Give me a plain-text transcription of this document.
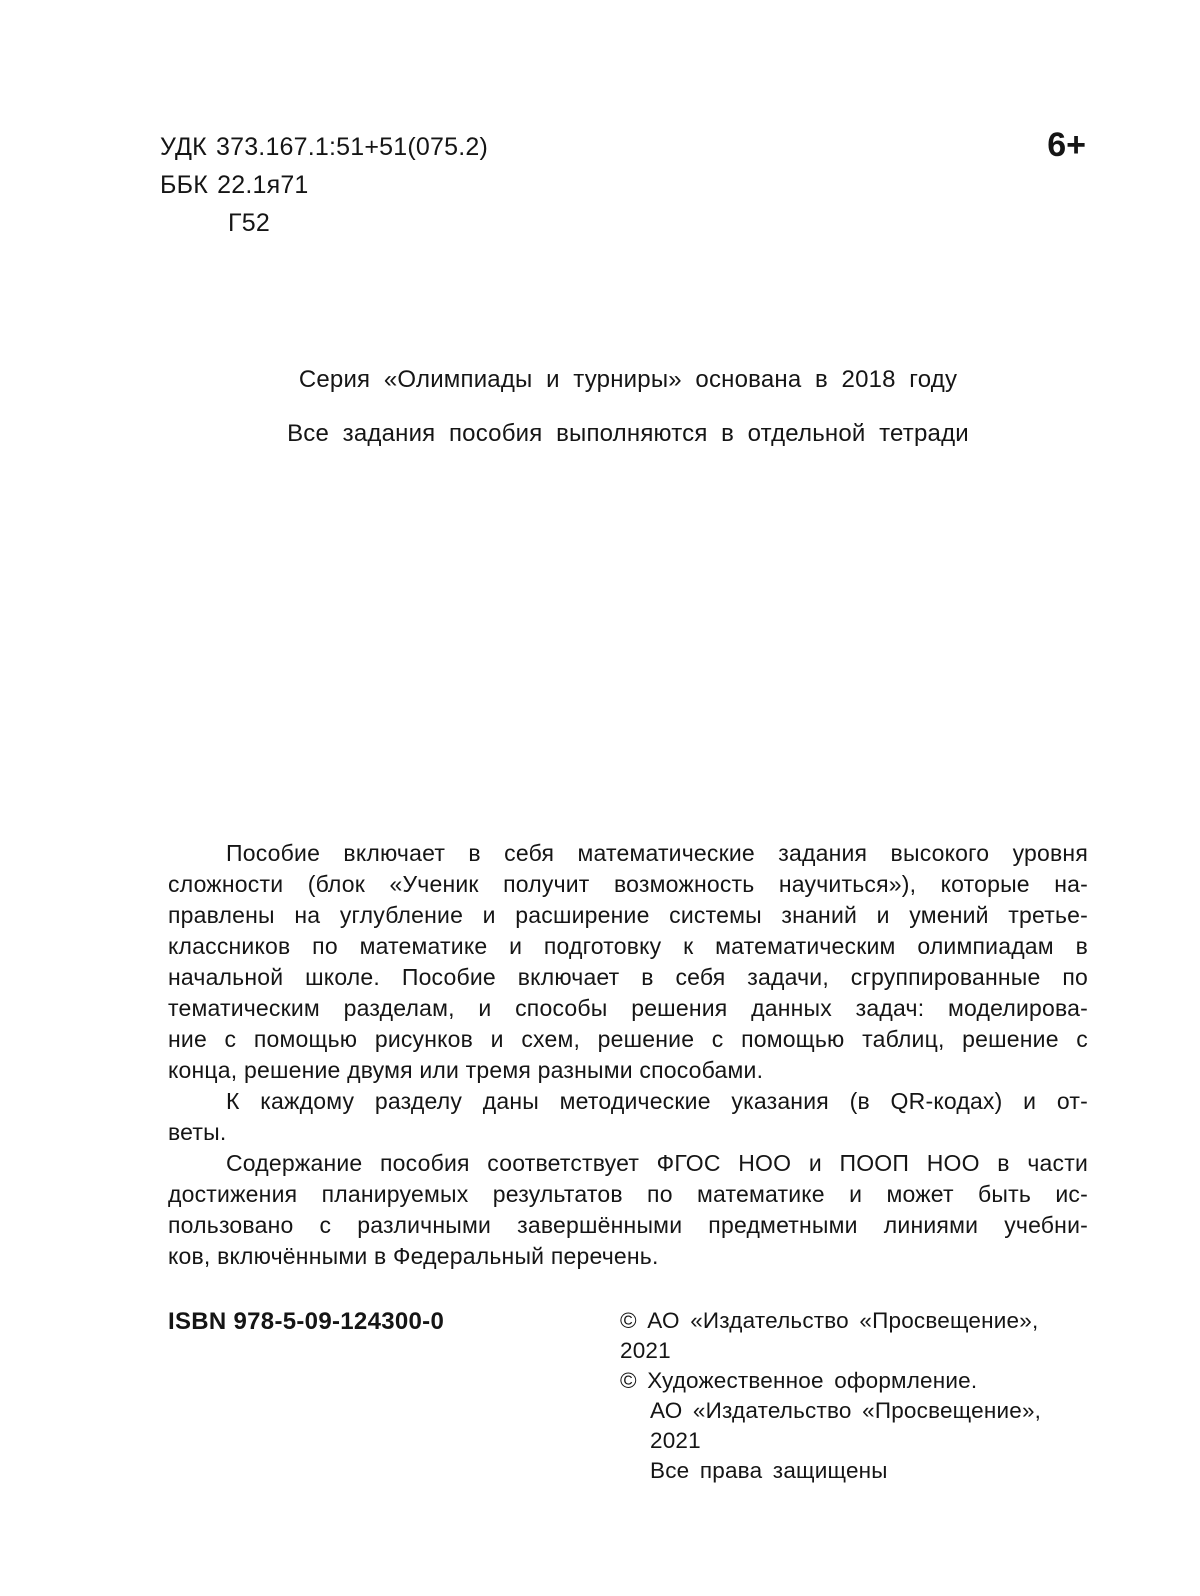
УДК 373.167.1:51+51(075.2)
ББК 22.1я71
Г52
6+

Серия «Олимпиады и турниры» основана в 2018 году

Все задания пособия выполняются в отдельной тетради

Пособие включает в себя математические задания высокого уровня
сложности (блок «Ученик получит возможность научиться»), которые на-
правлены на углубление и расширение системы знаний и умений третье-
классников по математике и подготовку к математическим олимпиадам в
начальной школе. Пособие включает в себя задачи, сгруппированные по
тематическим разделам, и способы решения данных задач: моделирова-
ние с помощью рисунков и схем, решение с помощью таблиц, решение с
конца, решение двумя или тремя разными способами.
К каждому разделу даны методические указания (в QR-кодах) и от-
веты.
Содержание пособия соответствует ФГОС НОО и ПООП НОО в части
достижения планируемых результатов по математике и может быть ис-
пользовано с различными завершёнными предметными линиями учебни-
ков, включёнными в Федеральный перечень.
ISBN 978-5-09-124300-0	© АО «Издательство «Просвещение», 2021
© Художественное оформление.
АО «Издательство «Просвещение», 2021
Все права защищены
